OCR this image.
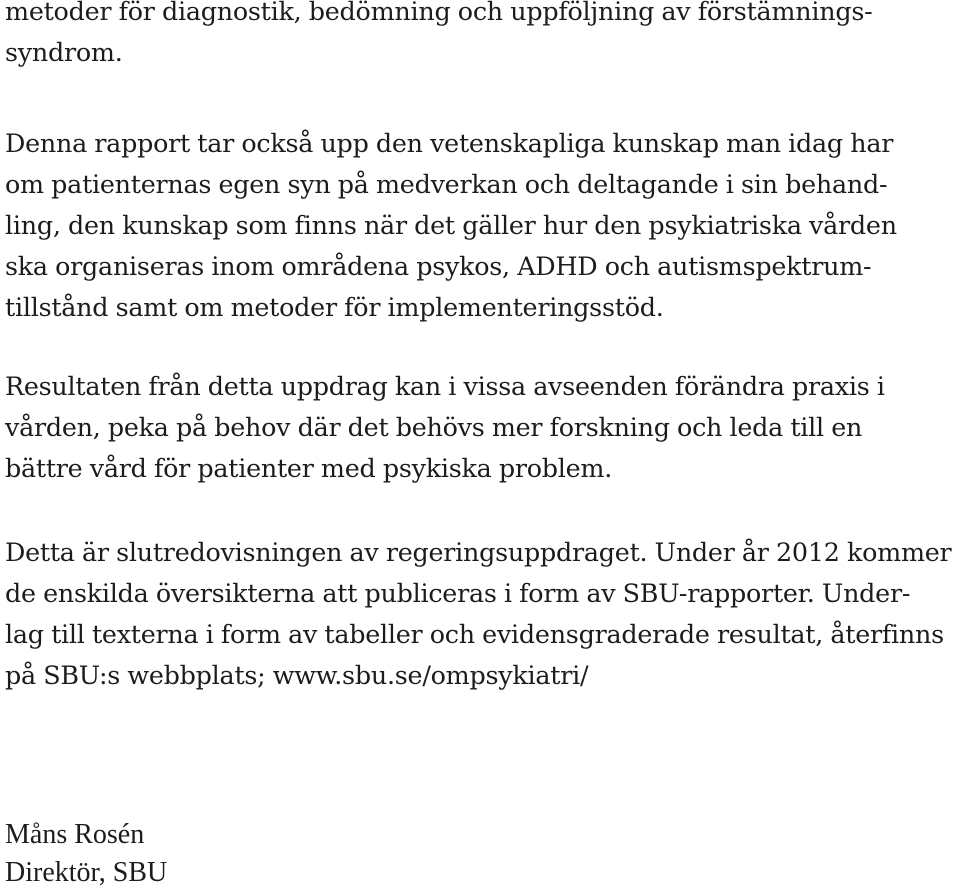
metoder för diagnostik, bedömning och uppföljning av förstämnings-
syndrom.

Denna rapport tar också upp den vetenskapliga kunskap man idag har
om patienternas egen syn på medverkan och deltagande i sin behand-
ling, den kunskap som finns när det gäller hur den psykiatriska vården
ska organiseras inom områdena psykos, ADHD och autismspektrum-
tillstånd samt om metoder för implementeringsstöd.

Resultaten från detta uppdrag kan i vissa avseenden förändra praxis i
vården, peka på behov där det behövs mer forskning och leda till en
bättre vård för patienter med psykiska problem.

Detta är slutredovisningen av regeringsuppdraget. Under år 2012 kommer
de enskilda översikterna att publiceras i form av SBU-rapporter. Under-
lag till texterna i form av tabeller och evidensgraderade resultat, återfinns
på SBU:s webbplats; www.sbu.se/ompsykiatri/

Måns Rosén
Direktör, SBU
